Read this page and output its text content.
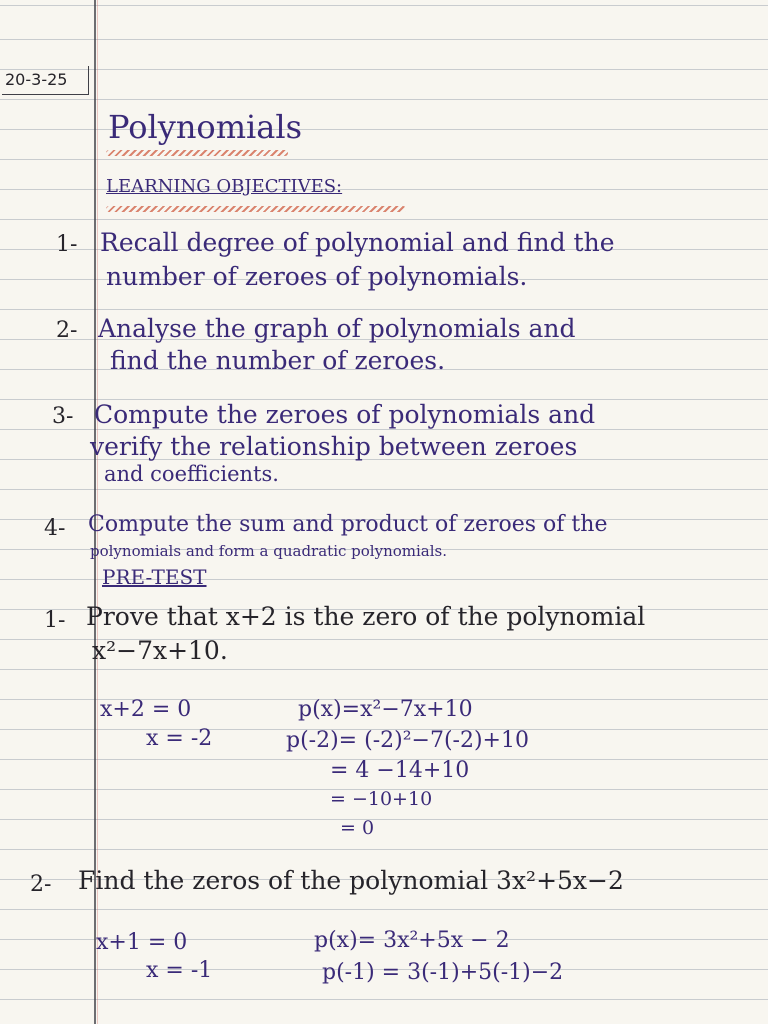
20-3-25
Polynomials
LEARNING OBJECTIVES:
1- Recall degree of polynomial and find the
number of zeroes of polynomials.
2- Analyse the graph of polynomials and
find the number of zeroes.
3- Compute the zeroes of polynomials and
verify the relationship between zeroes
and coefficients.
4- Compute the sum and product of zeroes of the
polynomials and form a quadratic polynomials.
PRE-TEST
1- Prove that x+2 is the zero of the polynomial
x²−7x+10.
x+2 = 0
x = -2
p(x)=x²−7x+10
p(-2)= (-2)²−7(-2)+10
= 4 −14+10
= −10+10
= 0
2- Find the zeros of the polynomial 3x²+5x−2
x+1 = 0
x = -1
p(x)= 3x²+5x − 2
p(-1) = 3(-1)+5(-1)−2
